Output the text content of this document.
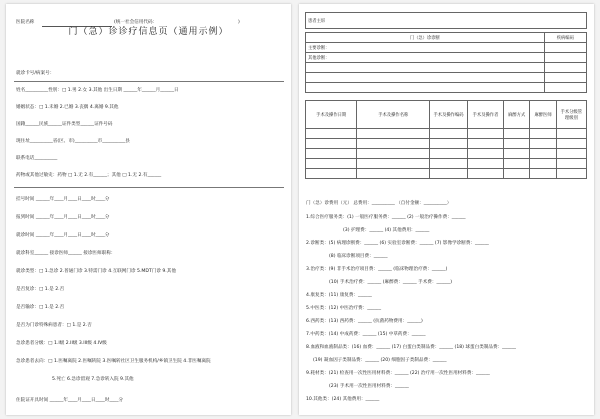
医院名称	(统一社会信用代码：	)
门（急）诊诊疗信息页（通用示例）
就诊卡号/病案号：
姓名__________性别：□ 1.男 2.女 3.其他 出生日期 ______年______月______日
婚姻状态：□ 1.未婚 2.已婚 3.丧偶 4.离婚 9.其他
国籍______民族______证件类型______证件号码
现住址__________省(区、市)__________市__________县
联系电话__________
药物或其他过敏史：药物 □ 1.无 2.有______；其他 □ 1.无 2.有______
挂号时间 ______年____月____日____时____分
报到时间 ______年____月____日____时____分
就诊时间 ______年____月____日____时____分
就诊科室______ 接诊医师______ 接诊医师职称：
就诊类型：□ 1.急诊 2.普通门诊 3.特需门诊 4.互联网门诊 5.MDT门诊 9.其他
是否复诊：□ 1.是 2.否
是否输诊：□ 1.是 2.否
是否为门诊特殊病患者：□ 1.是 2.否
急诊患者分级：□ 1.I级 2.II级 3.III级 4.IV级
急诊患者去向：□ 1.医嘱离院 2.医嘱转院 3.医嘱转社区卫生服务机构/乡镇卫生院 4.非医嘱离院
5.死亡 6.急诊留观 7.急诊转入院 9.其他
住院证开具时间 ______年____月____日____时____分
患者主诉
门（急）诊诊断	疾病编码
主要诊断：	
其他诊断：	

手术及操作日期	手术及操作名称	手术及操作编码	手术及操作者	麻醉方式	麻醉医师	手术分级管理级别

门（急）诊费用（元） 总费用：__________ （自付金额：__________）
1.综合医疗服务类：(1) 一般医疗服务费：______ (2) 一般治疗操作费：______
(3) 护理费：______ (4) 其他费用：______
2.诊断类：(5) 病理诊断费：______ (6) 实验室诊断费：______ (7) 影像学诊断费：______
(8) 临床诊断项目费：______
3.治疗类：(9) 非手术治疗项目费：______ (临床物理治疗费：______)
(10) 手术治疗费：______ (麻醉费：______ 手术费：______)
4.康复类：(11) 康复费：______
5.中医类：(12) 中医治疗费：______
6.西药类：(13) 西药费：______ (抗菌药物费用：______)
7.中药类：(14) 中成药费：______ (15) 中草药费：______
8.血液和血液制品类：(16) 血费：______ (17) 白蛋白类制品费：______ (18) 球蛋白类制品费：______
(19) 凝血因子类制品费：______ (20) 细胞因子类制品费：______
9.耗材类：(21) 检查用一次性医用材料费：______ (22) 治疗用一次性医用材料费：______
(23) 手术用一次性医用材料费：______
10.其他类：(24) 其他费用：______
